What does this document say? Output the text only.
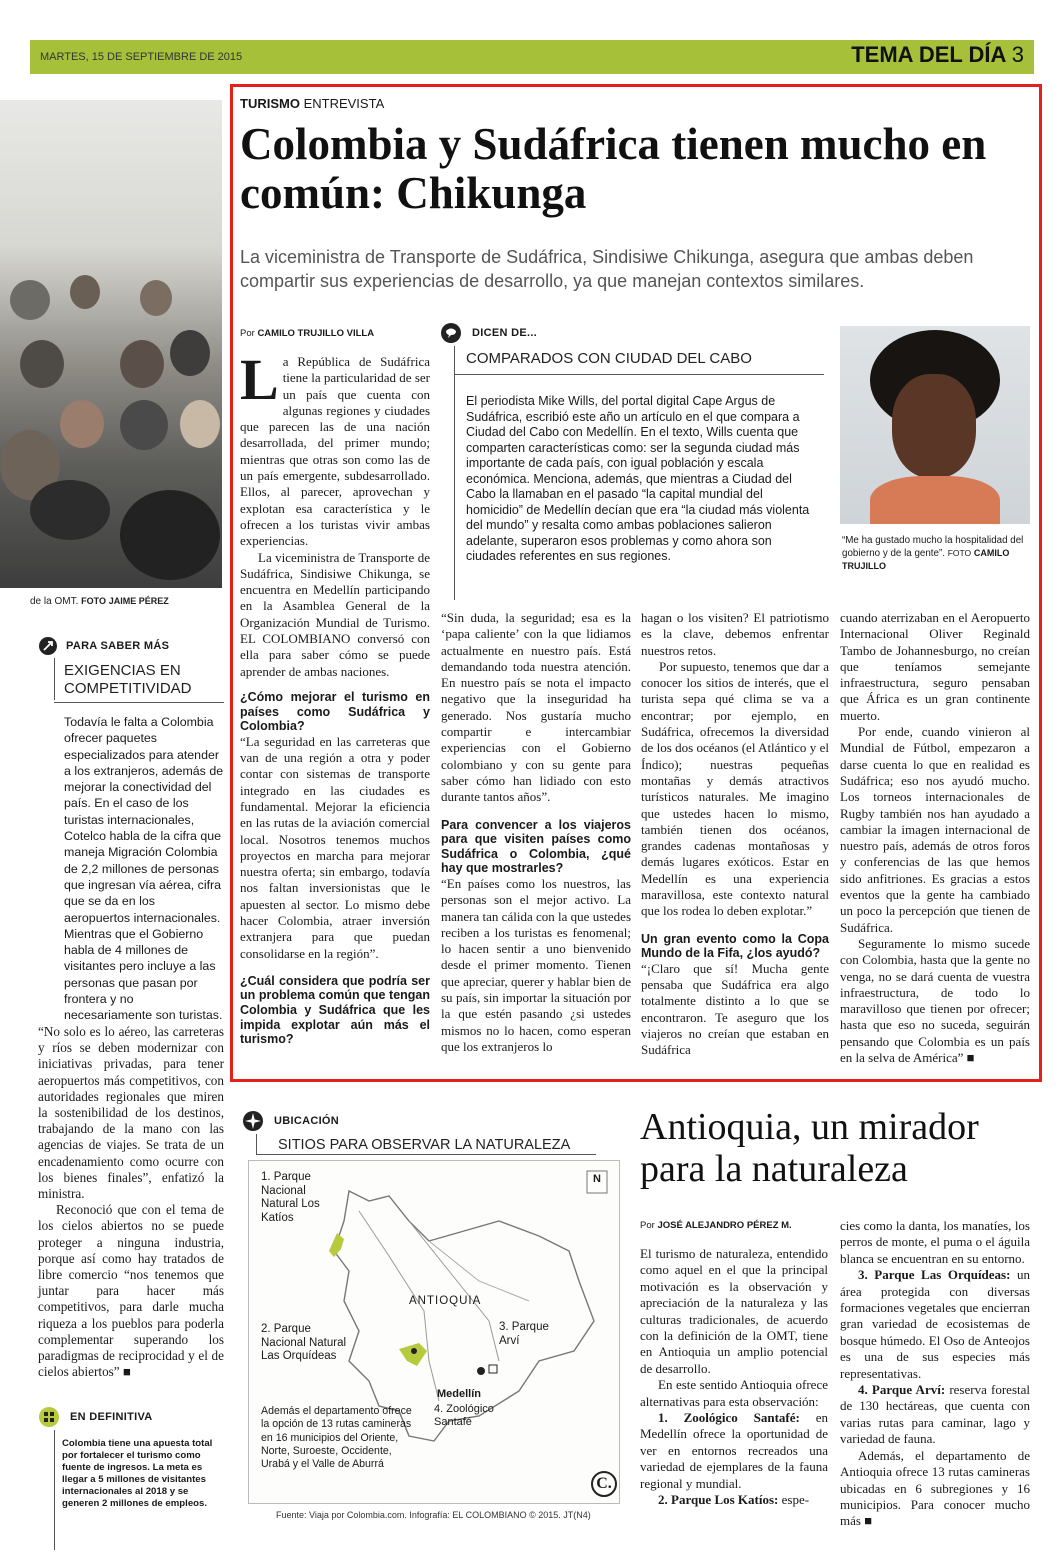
MARTES, 15 DE SEPTIEMBRE DE 2015	TEMA DEL DÍA 3
de la OMT. FOTO JAIME PÉREZ
PARA SABER MÁS
EXIGENCIAS EN COMPETITIVIDAD
Todavía le falta a Colombia ofrecer paquetes especializados para atender a los extranjeros, además de mejorar la conectividad del país. En el caso de los turistas internacionales, Cotelco habla de la cifra que maneja Migración Colombia de 2,2 millones de personas que ingresan vía aérea, cifra que se da en los aeropuertos internacionales. Mientras que el Gobierno habla de 4 millones de visitantes pero incluye a las personas que pasan por frontera y no necesariamente son turistas.

“No solo es lo aéreo, las carreteras y ríos se deben modernizar con iniciativas privadas, para tener aeropuertos más competitivos, con autoridades regionales que miren la sostenibilidad de los destinos, trabajando de la mano con las agencias de viajes. Se trata de un encadenamiento como ocurre con los bienes finales”, enfatizó la ministra.

Reconoció que con el tema de los cielos abiertos no se puede proteger a ninguna industria, porque así como hay tratados de libre comercio “nos tenemos que juntar para hacer más competitivos, para darle mucha riqueza a los pueblos para poderla complementar superando los paradigmas de reciprocidad y el de cielos abiertos” ■

EN DEFINITIVA
Colombia tiene una apuesta total por fortalecer el turismo como fuente de ingresos. La meta es llegar a 5 millones de visitantes internacionales al 2018 y se generen 2 millones de empleos.
TURISMO ENTREVISTA
Colombia y Sudáfrica tienen mucho en común: Chikunga
La viceministra de Transporte de Sudáfrica, Sindisiwe Chikunga, asegura que ambas deben compartir sus experiencias de desarrollo, ya que manejan contextos similares.
Por CAMILO TRUJILLO VILLA

La República de Sudáfrica tiene la particularidad de ser un país que cuenta con algunas regiones y ciudades que parecen las de una nación desarrollada, del primer mundo; mientras que otras son como las de un país emergente, subdesarrollado. Ellos, al parecer, aprovechan y explotan esa característica y le ofrecen a los turistas vivir ambas experiencias.

La viceministra de Transporte de Sudáfrica, Sindisiwe Chikunga, se encuentra en Medellín participando en la Asamblea General de la Organización Mundial de Turismo. EL COLOMBIANO conversó con ella para saber cómo se puede aprender de ambas naciones.

¿Cómo mejorar el turismo en países como Sudáfrica y Colombia?

“La seguridad en las carreteras que van de una región a otra y poder contar con sistemas de transporte integrado en las ciudades es fundamental. Mejorar la eficiencia en las rutas de la aviación comercial local. Nosotros tenemos muchos proyectos en marcha para mejorar nuestra oferta; sin embargo, todavía nos faltan inversionistas que le apuesten al sector. Lo mismo debe hacer Colombia, atraer inversión extranjera para que puedan consolidarse en la región”.

¿Cuál considera que podría ser un problema común que tengan Colombia y Sudáfrica que les impida explotar aún más el turismo?
DICEN DE...
COMPARADOS CON CIUDAD DEL CABO
El periodista Mike Wills, del portal digital Cape Argus de Sudáfrica, escribió este año un artículo en el que compara a Ciudad del Cabo con Medellín. En el texto, Wills cuenta que comparten características como: ser la segunda ciudad más importante de cada país, con igual población y escala económica. Menciona, además, que mientras a Ciudad del Cabo la llamaban en el pasado “la capital mundial del homicidio” de Medellín decían que era “la ciudad más violenta del mundo” y resalta como ambas poblaciones salieron adelante, superaron esos problemas y como ahora son ciudades referentes en sus regiones.
“Me ha gustado mucho la hospitalidad del gobierno y de la gente”. FOTO CAMILO TRUJILLO

“Sin duda, la seguridad; esa es la ‘papa caliente’ con la que lidiamos actualmente en nuestro país. Está demandando toda nuestra atención. En nuestro país se nota el impacto negativo que la inseguridad ha generado. Nos gustaría mucho compartir e intercambiar experiencias con el Gobierno colombiano y con su gente para saber cómo han lidiado con esto durante tantos años”.

Para convencer a los viajeros para que visiten países como Sudáfrica o Colombia, ¿qué hay que mostrarles?

“En países como los nuestros, las personas son el mejor activo. La manera tan cálida con la que ustedes reciben a los turistas es fenomenal; lo hacen sentir a uno bienvenido desde el primer momento. Tienen que apreciar, querer y hablar bien de su país, sin importar la situación por la que estén pasando ¿si ustedes mismos no lo hacen, como esperan que los extranjeros lo

hagan o los visiten? El patriotismo es la clave, debemos enfrentar nuestros retos.

Por supuesto, tenemos que dar a conocer los sitios de interés, que el turista sepa qué clima se va a encontrar; por ejemplo, en Sudáfrica, ofrecemos la diversidad de los dos océanos (el Atlántico y el Índico); nuestras pequeñas montañas y demás atractivos turísticos naturales. Me imagino que ustedes hacen lo mismo, también tienen dos océanos, grandes cadenas montañosas y demás lugares exóticos. Estar en Medellín es una experiencia maravillosa, este contexto natural que los rodea lo deben explotar.”

Un gran evento como la Copa Mundo de la Fifa, ¿los ayudó?

“¡Claro que sí! Mucha gente pensaba que Sudáfrica era algo totalmente distinto a lo que se encontraron. Te aseguro que los viajeros no creían que estaban en Sudáfrica

cuando aterrizaban en el Aeropuerto Internacional Oliver Reginald Tambo de Johannesburgo, no creían que teníamos semejante infraestructura, seguro pensaban que África es un gran continente muerto.

Por ende, cuando vinieron al Mundial de Fútbol, empezaron a darse cuenta lo que en realidad es Sudáfrica; eso nos ayudó mucho. Los torneos internacionales de Rugby también nos han ayudado a cambiar la imagen internacional de nuestro país, además de otros foros y conferencias de las que hemos sido anfitriones. Es gracias a estos eventos que la gente ha cambiado un poco la percepción que tienen de Sudáfrica.

Seguramente lo mismo sucede con Colombia, hasta que la gente no venga, no se dará cuenta de vuestra infraestructura, de todo lo maravilloso que tienen por ofrecer; hasta que eso no suceda, seguirán pensando que Colombia es un país en la selva de América” ■

UBICACIÓN
SITIOS PARA OBSERVAR LA NATURALEZA
N
1. Parque Nacional Natural Los Katíos
2. Parque Nacional Natural Las Orquídeas
3. Parque Arví
ANTIOQUIA
Medellín
4. Zoológico Santafé
Además el departamento ofrece la opción de 13 rutas camineras en 16 municipios del Oriente, Norte, Suroeste, Occidente, Urabá y el Valle de Aburrá
C.
Fuente: Viaja por Colombia.com. Infografía: EL COLOMBIANO © 2015. JT(N4)
Antioquia, un mirador para la naturaleza
Por JOSÉ ALEJANDRO PÉREZ M.

El turismo de naturaleza, entendido como aquel en el que la principal motivación es la observación y apreciación de la naturaleza y las culturas tradicionales, de acuerdo con la definición de la OMT, tiene en Antioquia un amplio potencial de desarrollo.

En este sentido Antioquia ofrece alternativas para esta observación:

1. Zoológico Santafé: en Medellín ofrece la oportunidad de ver en entornos recreados una variedad de ejemplares de la fauna regional y mundial.

2. Parque Los Katíos: espe-

cies como la danta, los manatíes, los perros de monte, el puma o el águila blanca se encuentran en su entorno.

3. Parque Las Orquídeas: un área protegida con diversas formaciones vegetales que encierran gran variedad de ecosistemas de bosque húmedo. El Oso de Anteojos es una de sus especies más representativas.

4. Parque Arví: reserva forestal de 130 hectáreas, que cuenta con varias rutas para caminar, lago y variedad de fauna.

Además, el departamento de Antioquia ofrece 13 rutas camineras ubicadas en 6 subregiones y 16 municipios. Para conocer mucho más ■
